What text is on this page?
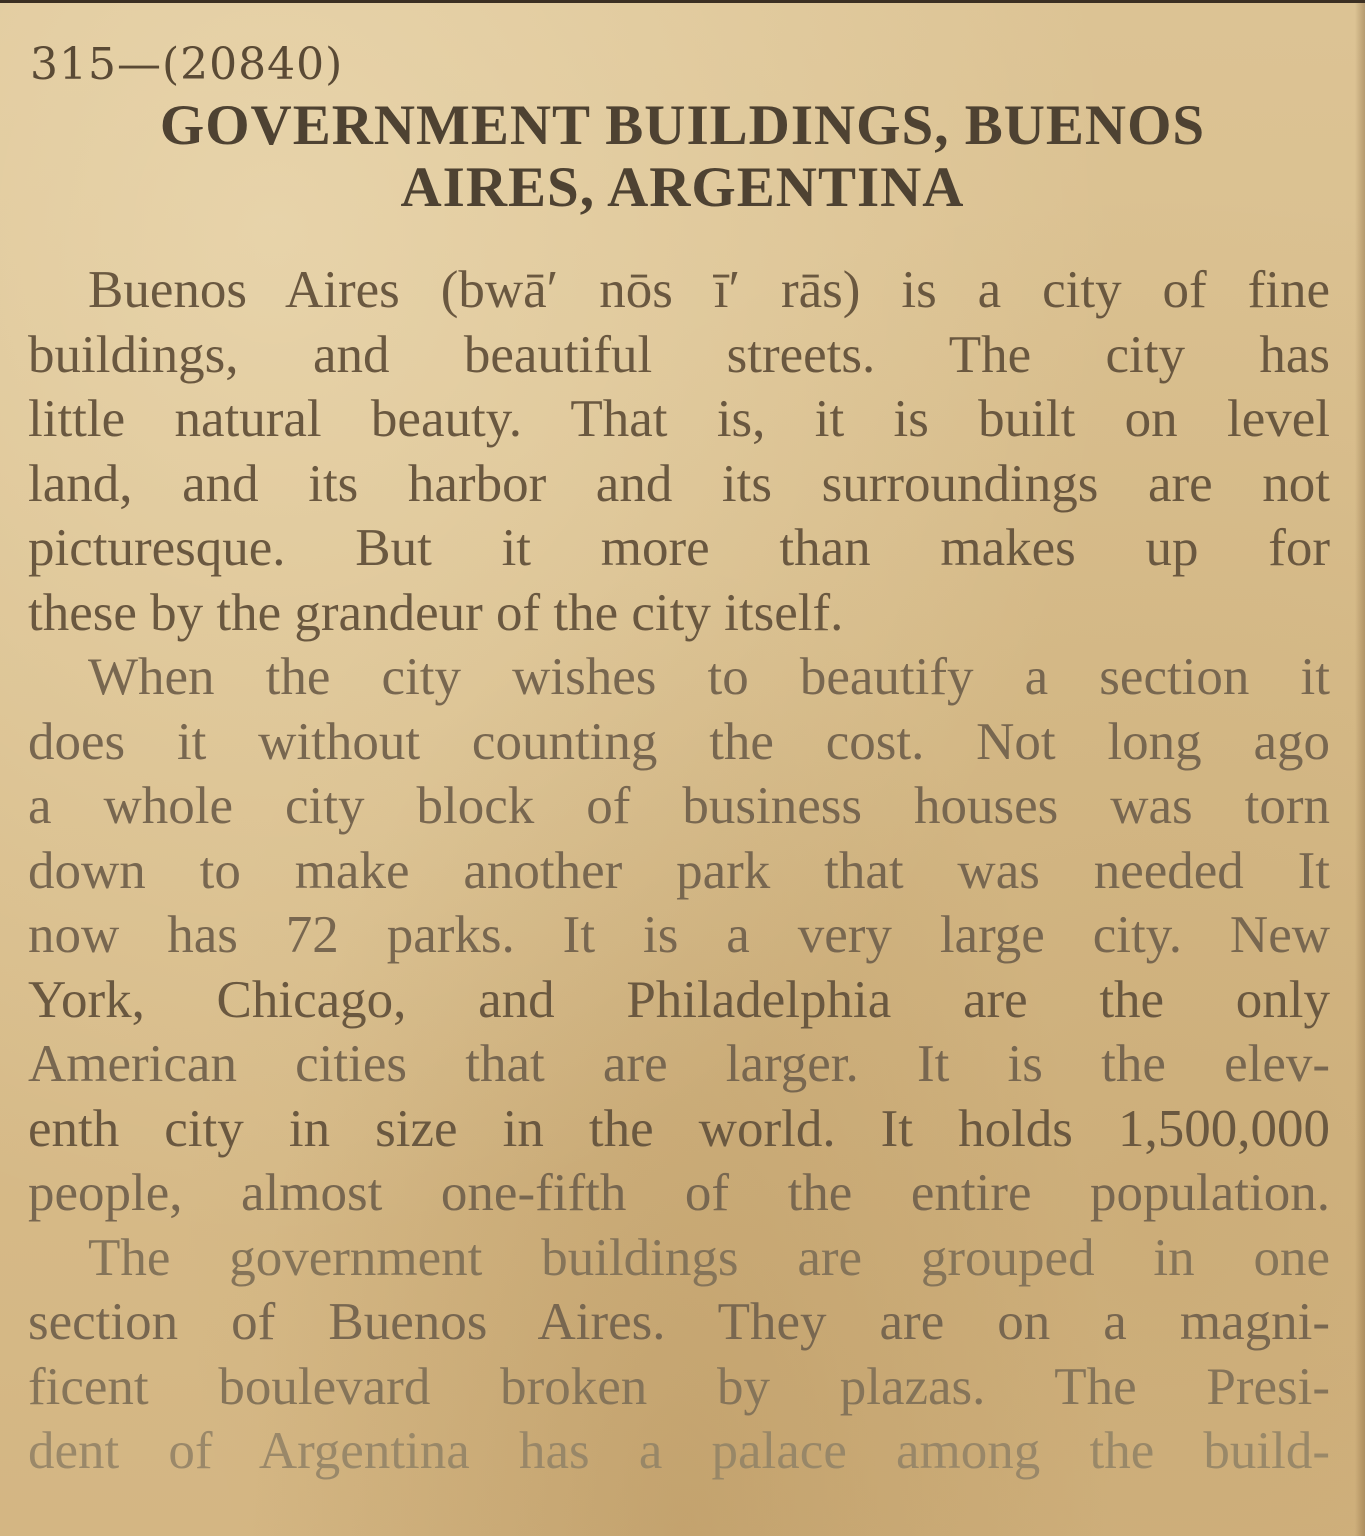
315—(20840)
GOVERNMENT BUILDINGS, BUENOS
AIRES, ARGENTINA
Buenos Aires (bwā′ nōs ī′ rās) is a city of fine
buildings, and beautiful streets. The city has
little natural beauty. That is, it is built on level
land, and its harbor and its surroundings are not
picturesque. But it more than makes up for
these by the grandeur of the city itself.
When the city wishes to beautify a section it
does it without counting the cost. Not long ago
a whole city block of business houses was torn
down to make another park that was needed It
now has 72 parks. It is a very large city. New
York, Chicago, and Philadelphia are the only
American cities that are larger. It is the elev-
enth city in size in the world. It holds 1,500,000
people, almost one-fifth of the entire population.
The government buildings are grouped in one
section of Buenos Aires. They are on a magni-
ficent boulevard broken by plazas. The Presi-
dent of Argentina has a palace among the build-
